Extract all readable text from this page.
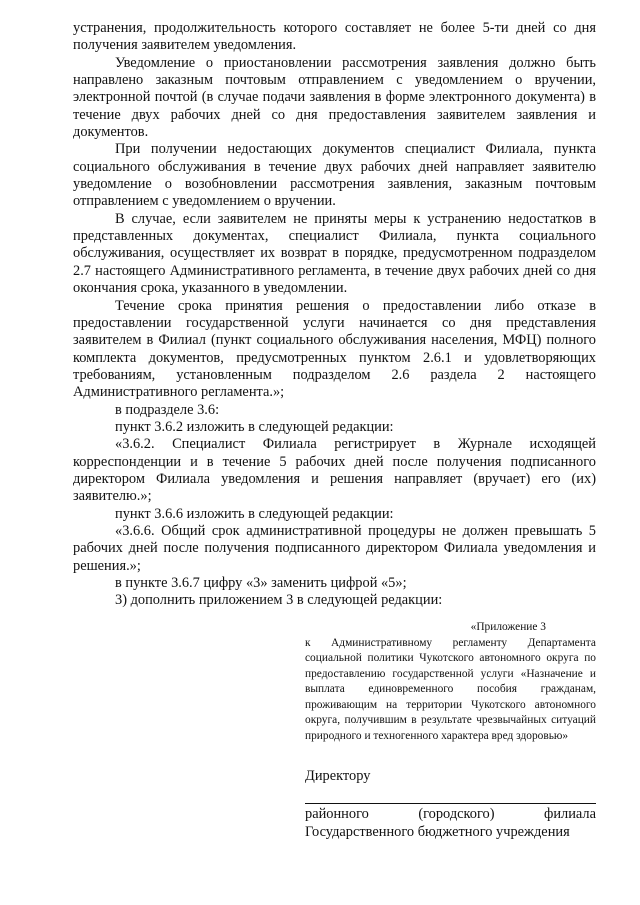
устранения, продолжительность которого составляет не более 5-ти дней со дня получения заявителем уведомления.

Уведомление о приостановлении рассмотрения заявления должно быть направлено заказным почтовым отправлением с уведомлением о вручении, электронной почтой (в случае подачи заявления в форме электронного документа) в течение двух рабочих дней со дня предоставления заявителем заявления и документов.

При получении недостающих документов специалист Филиала, пункта социального обслуживания в течение двух рабочих дней направляет заявителю уведомление о возобновлении рассмотрения заявления, заказным почтовым отправлением с уведомлением о вручении.

В случае, если заявителем не приняты меры к устранению недостатков в представленных документах, специалист Филиала, пункта социального обслуживания, осуществляет их возврат в порядке, предусмотренном подразделом 2.7 настоящего Административного регламента, в течение двух рабочих дней со дня окончания срока, указанного в уведомлении.

Течение срока принятия решения о предоставлении либо отказе в предоставлении государственной услуги начинается со дня представления заявителем в Филиал (пункт социального обслуживания населения, МФЦ) полного комплекта документов, предусмотренных пунктом 2.6.1 и удовлетворяющих требованиям, установленным подразделом 2.6 раздела 2 настоящего Административного регламента.»;

в подразделе 3.6:

пункт 3.6.2 изложить в следующей редакции:

«3.6.2. Специалист Филиала регистрирует в Журнале исходящей корреспонденции и в течение 5 рабочих дней после получения подписанного директором Филиала уведомления и решения направляет (вручает) его (их) заявителю.»;

пункт 3.6.6 изложить в следующей редакции:

«3.6.6. Общий срок административной процедуры не должен превышать 5 рабочих дней после получения подписанного директором Филиала уведомления и решения.»;

в пункте 3.6.7 цифру «3» заменить цифрой «5»;

3) дополнить приложением 3 в следующей редакции:

«Приложение 3

к Административному регламенту Департамента социальной политики Чукотского автономного округа по предоставлению государственной услуги «Назначение и выплата единовременного пособия гражданам, проживающим на территории Чукотского автономного округа, получившим в результате чрезвычайных ситуаций природного и техногенного характера вред здоровью»

Директору

районного	(городского)	филиала

Государственного бюджетного учреждения
